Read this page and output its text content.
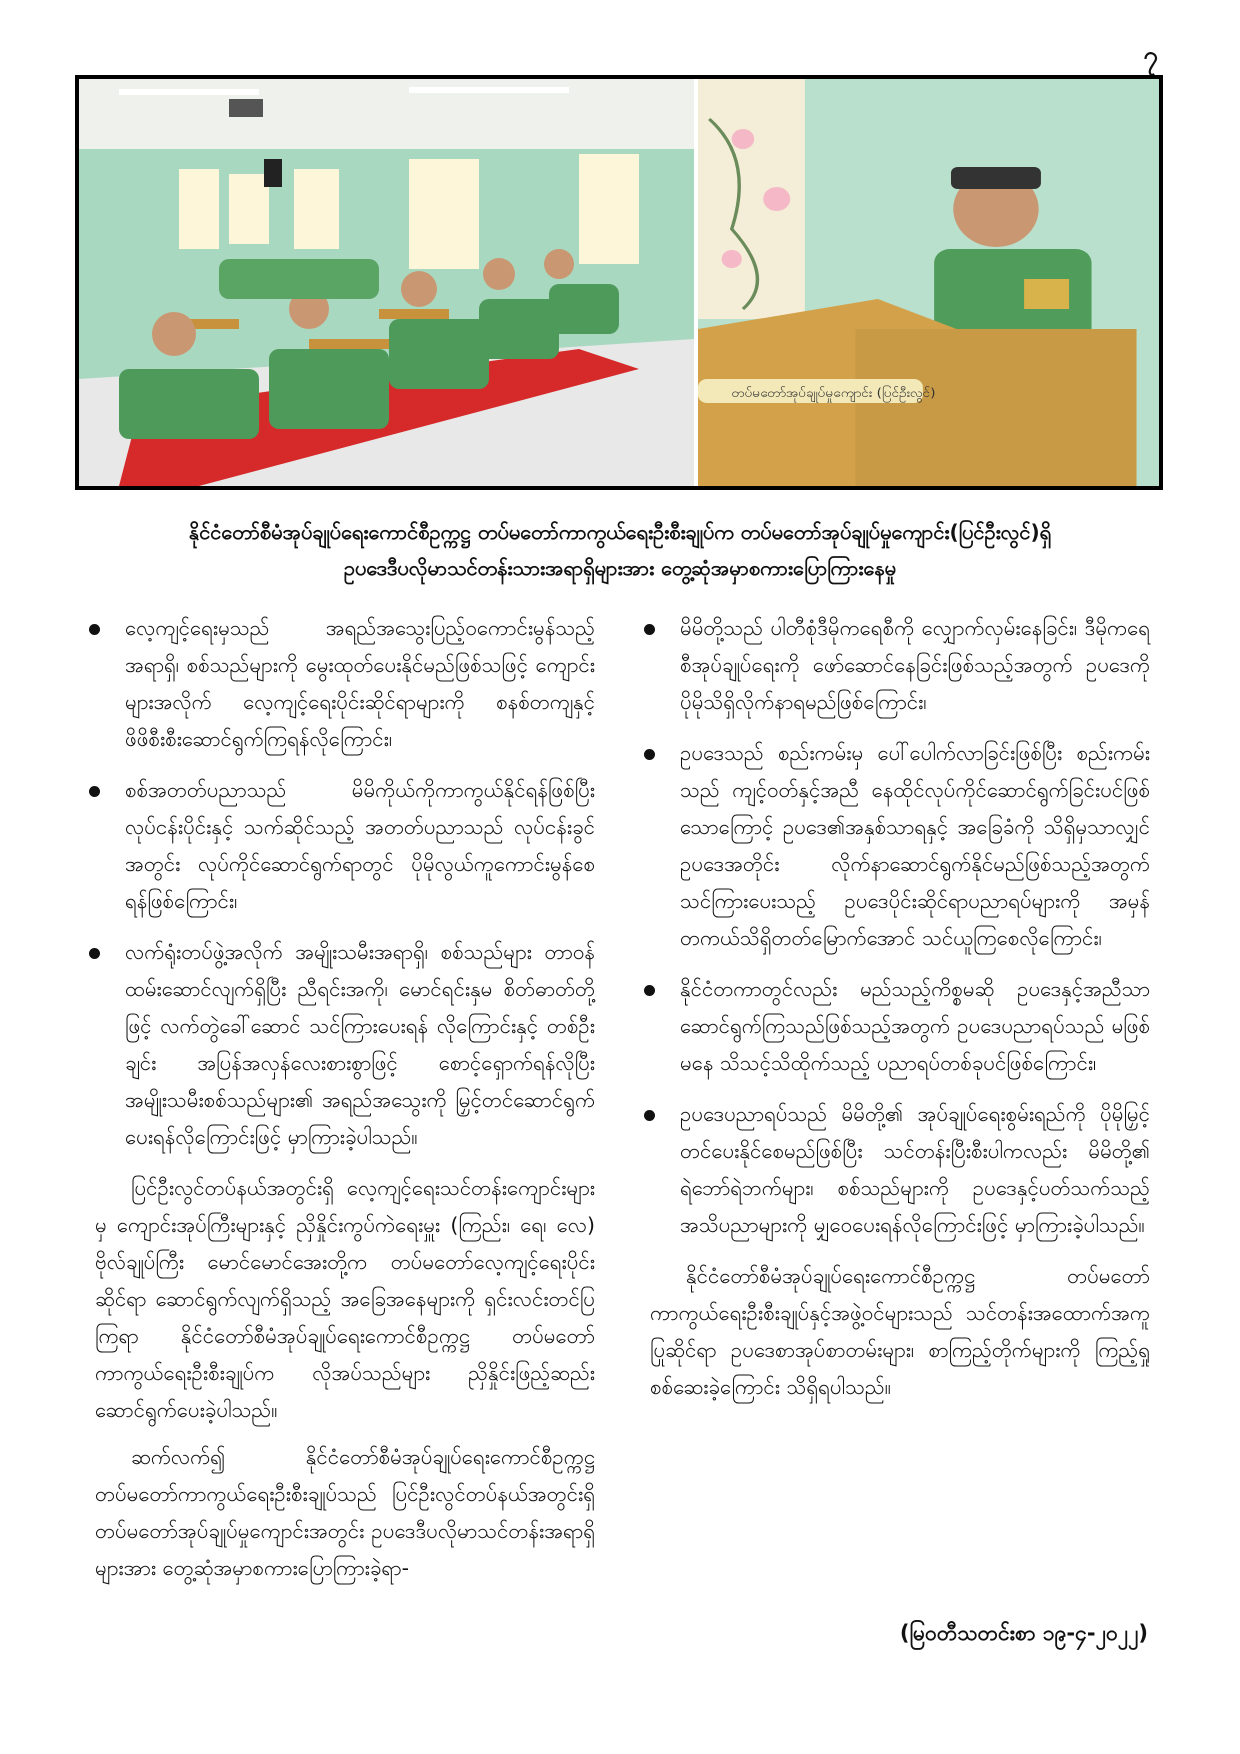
၇
တပ်မတော်အုပ်ချုပ်မှုကျောင်း (ပြင်ဦးလွင်)
နိုင်ငံတော်စီမံအုပ်ချုပ်ရေးကောင်စီဥက္ကဋ္ဌ တပ်မတော်ကာကွယ်ရေးဦးစီးချုပ်က တပ်မတော်အုပ်ချုပ်မှုကျောင်း(ပြင်ဦးလွင်)ရှိ
ဥပဒေဒီပလိုမာသင်တန်းသားအရာရှိများအား တွေ့ဆုံအမှာစကားပြောကြားနေမှု
လေ့ကျင့်ရေးမှသည် အရည်အသွေးပြည့်ဝကောင်းမွန်သည့် အရာရှိ၊ စစ်သည်များကို မွေးထုတ်ပေးနိုင်မည်ဖြစ်သဖြင့် ကျောင်းများအလိုက် လေ့ကျင့်ရေးပိုင်းဆိုင်ရာများကို စနစ်တကျနှင့် ဖိဖိစီးစီးဆောင်ရွက်ကြရန်လိုကြောင်း၊
စစ်အတတ်ပညာသည် မိမိကိုယ်ကိုကာကွယ်နိုင်ရန်ဖြစ်ပြီး လုပ်ငန်းပိုင်းနှင့် သက်ဆိုင်သည့် အတတ်ပညာသည် လုပ်ငန်းခွင်အတွင်း လုပ်ကိုင်ဆောင်ရွက်ရာတွင် ပိုမိုလွယ်ကူကောင်းမွန်စေရန်ဖြစ်ကြောင်း၊
လက်ရုံးတပ်ဖွဲ့အလိုက် အမျိုးသမီးအရာရှိ၊ စစ်သည်များ တာဝန်ထမ်းဆောင်လျက်ရှိပြီး ညီရင်းအကို၊ မောင်ရင်းနှမ စိတ်ဓာတ်တို့ဖြင့် လက်တွဲခေါ်ဆောင် သင်ကြားပေးရန် လိုကြောင်းနှင့် တစ်ဦးချင်း အပြန်အလှန်လေးစားစွာဖြင့် စောင့်ရှောက်ရန်လိုပြီး အမျိုးသမီးစစ်သည်များ၏ အရည်အသွေးကို မြှင့်တင်ဆောင်ရွက်ပေးရန်လိုကြောင်းဖြင့် မှာကြားခဲ့ပါသည်။

ပြင်ဦးလွင်တပ်နယ်အတွင်းရှိ လေ့ကျင့်ရေးသင်တန်းကျောင်းများမှ ကျောင်းအုပ်ကြီးများနှင့် ညှိနှိုင်းကွပ်ကဲရေးမှူး (ကြည်း၊ ရေ၊ လေ) ဗိုလ်ချုပ်ကြီး မောင်မောင်အေးတို့က တပ်မတော်လေ့ကျင့်ရေးပိုင်းဆိုင်ရာ ဆောင်ရွက်လျက်ရှိသည့် အခြေအနေများကို ရှင်းလင်းတင်ပြကြရာ နိုင်ငံတော်စီမံအုပ်ချုပ်ရေးကောင်စီဥက္ကဋ္ဌ တပ်မတော်ကာကွယ်ရေးဦးစီးချုပ်က လိုအပ်သည်များ ညှိနှိုင်းဖြည့်ဆည်းဆောင်ရွက်ပေးခဲ့ပါသည်။

ဆက်လက်၍ နိုင်ငံတော်စီမံအုပ်ချုပ်ရေးကောင်စီဥက္ကဋ္ဌ တပ်မတော်ကာကွယ်ရေးဦးစီးချုပ်သည် ပြင်ဦးလွင်တပ်နယ်အတွင်းရှိ တပ်မတော်အုပ်ချုပ်မှုကျောင်းအတွင်း ဥပဒေဒီပလိုမာသင်တန်းအရာရှိများအား တွေ့ဆုံအမှာစကားပြောကြားခဲ့ရာ-

မိမိတို့သည် ပါတီစုံဒီမိုကရေစီကို လျှောက်လှမ်းနေခြင်း၊ ဒီမိုကရေစီအုပ်ချုပ်ရေးကို ဖော်ဆောင်နေခြင်းဖြစ်သည့်အတွက် ဥပဒေကို ပိုမိုသိရှိလိုက်နာရမည်ဖြစ်ကြောင်း၊
ဥပဒေသည် စည်းကမ်းမှ ပေါ်ပေါက်လာခြင်းဖြစ်ပြီး စည်းကမ်းသည် ကျင့်ဝတ်နှင့်အညီ နေထိုင်လုပ်ကိုင်ဆောင်ရွက်ခြင်းပင်ဖြစ်သောကြောင့် ဥပဒေ၏အနှစ်သာရနှင့် အခြေခံကို သိရှိမှသာလျှင် ဥပဒေအတိုင်း လိုက်နာဆောင်ရွက်နိုင်မည်ဖြစ်သည့်အတွက် သင်ကြားပေးသည့် ဥပဒေပိုင်းဆိုင်ရာပညာရပ်များကို အမှန်တကယ်သိရှိတတ်မြောက်အောင် သင်ယူကြစေလိုကြောင်း၊
နိုင်ငံတကာတွင်လည်း မည်သည့်ကိစ္စမဆို ဥပဒေနှင့်အညီသာ ဆောင်ရွက်ကြသည်ဖြစ်သည့်အတွက် ဥပဒေပညာရပ်သည် မဖြစ်မနေ သိသင့်သိထိုက်သည့် ပညာရပ်တစ်ခုပင်ဖြစ်ကြောင်း၊
ဥပဒေပညာရပ်သည် မိမိတို့၏ အုပ်ချုပ်ရေးစွမ်းရည်ကို ပိုမိုမြှင့်တင်ပေးနိုင်စေမည်ဖြစ်ပြီး သင်တန်းပြီးစီးပါကလည်း မိမိတို့၏ ရဲဘော်ရဲဘက်များ၊ စစ်သည်များကို ဥပဒေနှင့်ပတ်သက်သည့် အသိပညာများကို မျှဝေပေးရန်လိုကြောင်းဖြင့် မှာကြားခဲ့ပါသည်။

နိုင်ငံတော်စီမံအုပ်ချုပ်ရေးကောင်စီဥက္ကဋ္ဌ တပ်မတော်ကာကွယ်ရေးဦးစီးချုပ်နှင့်အဖွဲ့ဝင်များသည် သင်တန်းအထောက်အကူပြုဆိုင်ရာ ဥပဒေစာအုပ်စာတမ်းများ၊ စာကြည့်တိုက်များကို ကြည့်ရှုစစ်ဆေးခဲ့ကြောင်း သိရှိရပါသည်။

(မြဝတီသတင်းစာ ၁၉-၄-၂၀၂၂)
